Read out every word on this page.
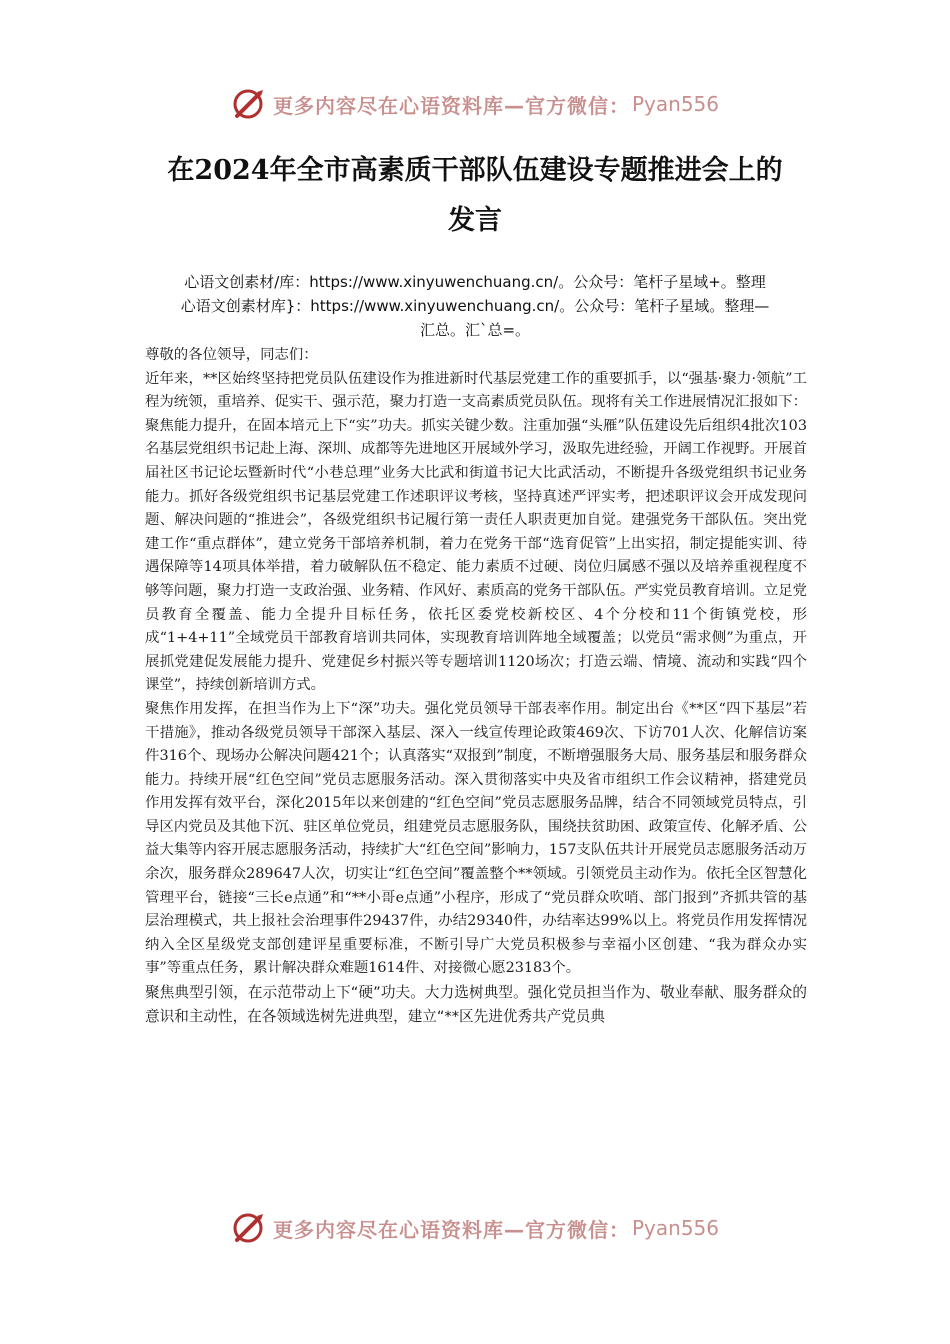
更多内容尽在心语资料库—官方微信： Pyan556
在2024年全市高素质干部队伍建设专题推进会上的
发言
心语文创素材/库：https://www.xinyuwenchuang.cn/。公众号：笔杆子星域+。整理
心语文创素材库}：https://www.xinyuwenchuang.cn/。公众号：笔杆子星域。整理—
汇总。汇`总=。

尊敬的各位领导，同志们：

近年来，**区始终坚持把党员队伍建设作为推进新时代基层党建工作的重要抓手，以“强基·聚力·领航”工程为统领，重培养、促实干、强示范，聚力打造一支高素质党员队伍。现将有关工作进展情况汇报如下：

聚焦能力提升，在固本培元上下“实”功夫。抓实关键少数。注重加强“头雁”队伍建设先后组织4批次103名基层党组织书记赴上海、深圳、成都等先进地区开展域外学习，汲取先进经验，开阔工作视野。开展首届社区书记论坛暨新时代“小巷总理”业务大比武和街道书记大比武活动，不断提升各级党组织书记业务能力。抓好各级党组织书记基层党建工作述职评议考核，坚持真述严评实考，把述职评议会开成发现问题、解决问题的“推进会”，各级党组织书记履行第一责任人职责更加自觉。建强党务干部队伍。突出党建工作“重点群体”，建立党务干部培养机制，着力在党务干部“选育促管”上出实招，制定提能实训、待遇保障等14项具体举措，着力破解队伍不稳定、能力素质不过硬、岗位归属感不强以及培养重视程度不够等问题，聚力打造一支政治强、业务精、作风好、素质高的党务干部队伍。严实党员教育培训。立足党员教育全覆盖、能力全提升目标任务，依托区委党校新校区、4个分校和11个街镇党校，形成“1+4+11”全域党员干部教育培训共同体，实现教育培训阵地全域覆盖；以党员“需求侧”为重点，开展抓党建促发展能力提升、党建促乡村振兴等专题培训1120场次；打造云端、情境、流动和实践“四个课堂”，持续创新培训方式。

聚焦作用发挥，在担当作为上下“深”功夫。强化党员领导干部表率作用。制定出台《**区“四下基层”若干措施》，推动各级党员领导干部深入基层、深入一线宣传理论政策469次、下访701人次、化解信访案件316个、现场办公解决问题421个；认真落实“双报到”制度，不断增强服务大局、服务基层和服务群众能力。持续开展“红色空间”党员志愿服务活动。深入贯彻落实中央及省市组织工作会议精神，搭建党员作用发挥有效平台，深化2015年以来创建的“红色空间”党员志愿服务品牌，结合不同领域党员特点，引导区内党员及其他下沉、驻区单位党员，组建党员志愿服务队，围绕扶贫助困、政策宣传、化解矛盾、公益大集等内容开展志愿服务活动，持续扩大“红色空间”影响力，157支队伍共计开展党员志愿服务活动万余次，服务群众289647人次，切实让“红色空间”覆盖整个**领域。引领党员主动作为。依托全区智慧化管理平台，链接“三长e点通”和“**小哥e点通”小程序，形成了“党员群众吹哨、部门报到”齐抓共管的基层治理模式，共上报社会治理事件29437件，办结29340件，办结率达99%以上。将党员作用发挥情况纳入全区星级党支部创建评星重要标准，不断引导广大党员积极参与幸福小区创建、“我为群众办实事”等重点任务，累计解决群众难题1614件、对接微心愿23183个。

聚焦典型引领，在示范带动上下“硬”功夫。大力选树典型。强化党员担当作为、敬业奉献、服务群众的意识和主动性，在各领域选树先进典型，建立“**区先进优秀共产党员典

更多内容尽在心语资料库—官方微信： Pyan556
